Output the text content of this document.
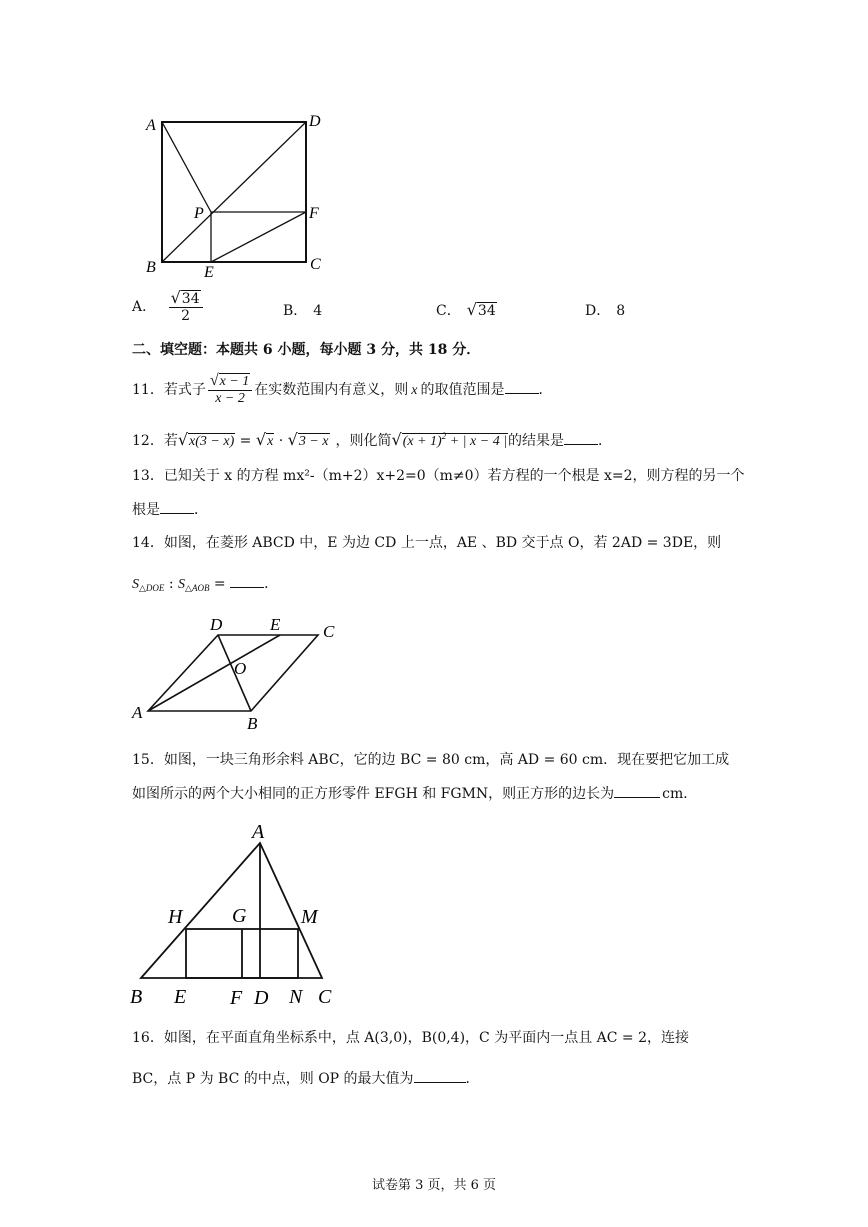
A	D
P	F
B	E	C
A． $\frac{√34}{2}$	B． 4	C． √34	D． 8
二、填空题：本题共 6 小题，每小题 3 分，共 18 分．
11．若式子 $\frac{√x - 1}{x - 2}$ 在实数范围内有意义，则 x 的取值范围是 ．
12．若√x(3 − x) = √x · √3 − x ，则化简$√(x + 1)^2$ + | x − 4 |的结果是 ．
13．已知关于 x 的方程 mx²-（m+2）x+2=0（m≠0）若方程的一个根是 x=2，则方程的另一个
根是 ．
14．如图，在菱形 ABCD 中，E 为边 CD 上一点，AE 、BD 交于点 O，若 2AD = 3DE，则
$S_{\triangle DOE}$ : $S_{\triangle AOB}$ = ．
A
D	E	C
O
B
15．如图，一块三角形余料 ABC，它的边 BC = 80 cm，高 AD = 60 cm．现在要把它加工成
如图所示的两个大小相同的正方形零件 EFGH 和 FGMN，则正方形的边长为	cm．
A
H G	M
B E F D N C
16．如图，在平面直角坐标系中，点 A(3,0)，B(0,4)，C 为平面内一点且 AC = 2，连接
BC，点 P 为 BC 的中点，则 OP 的最大值为	．
试卷第 3 页，共 6 页
